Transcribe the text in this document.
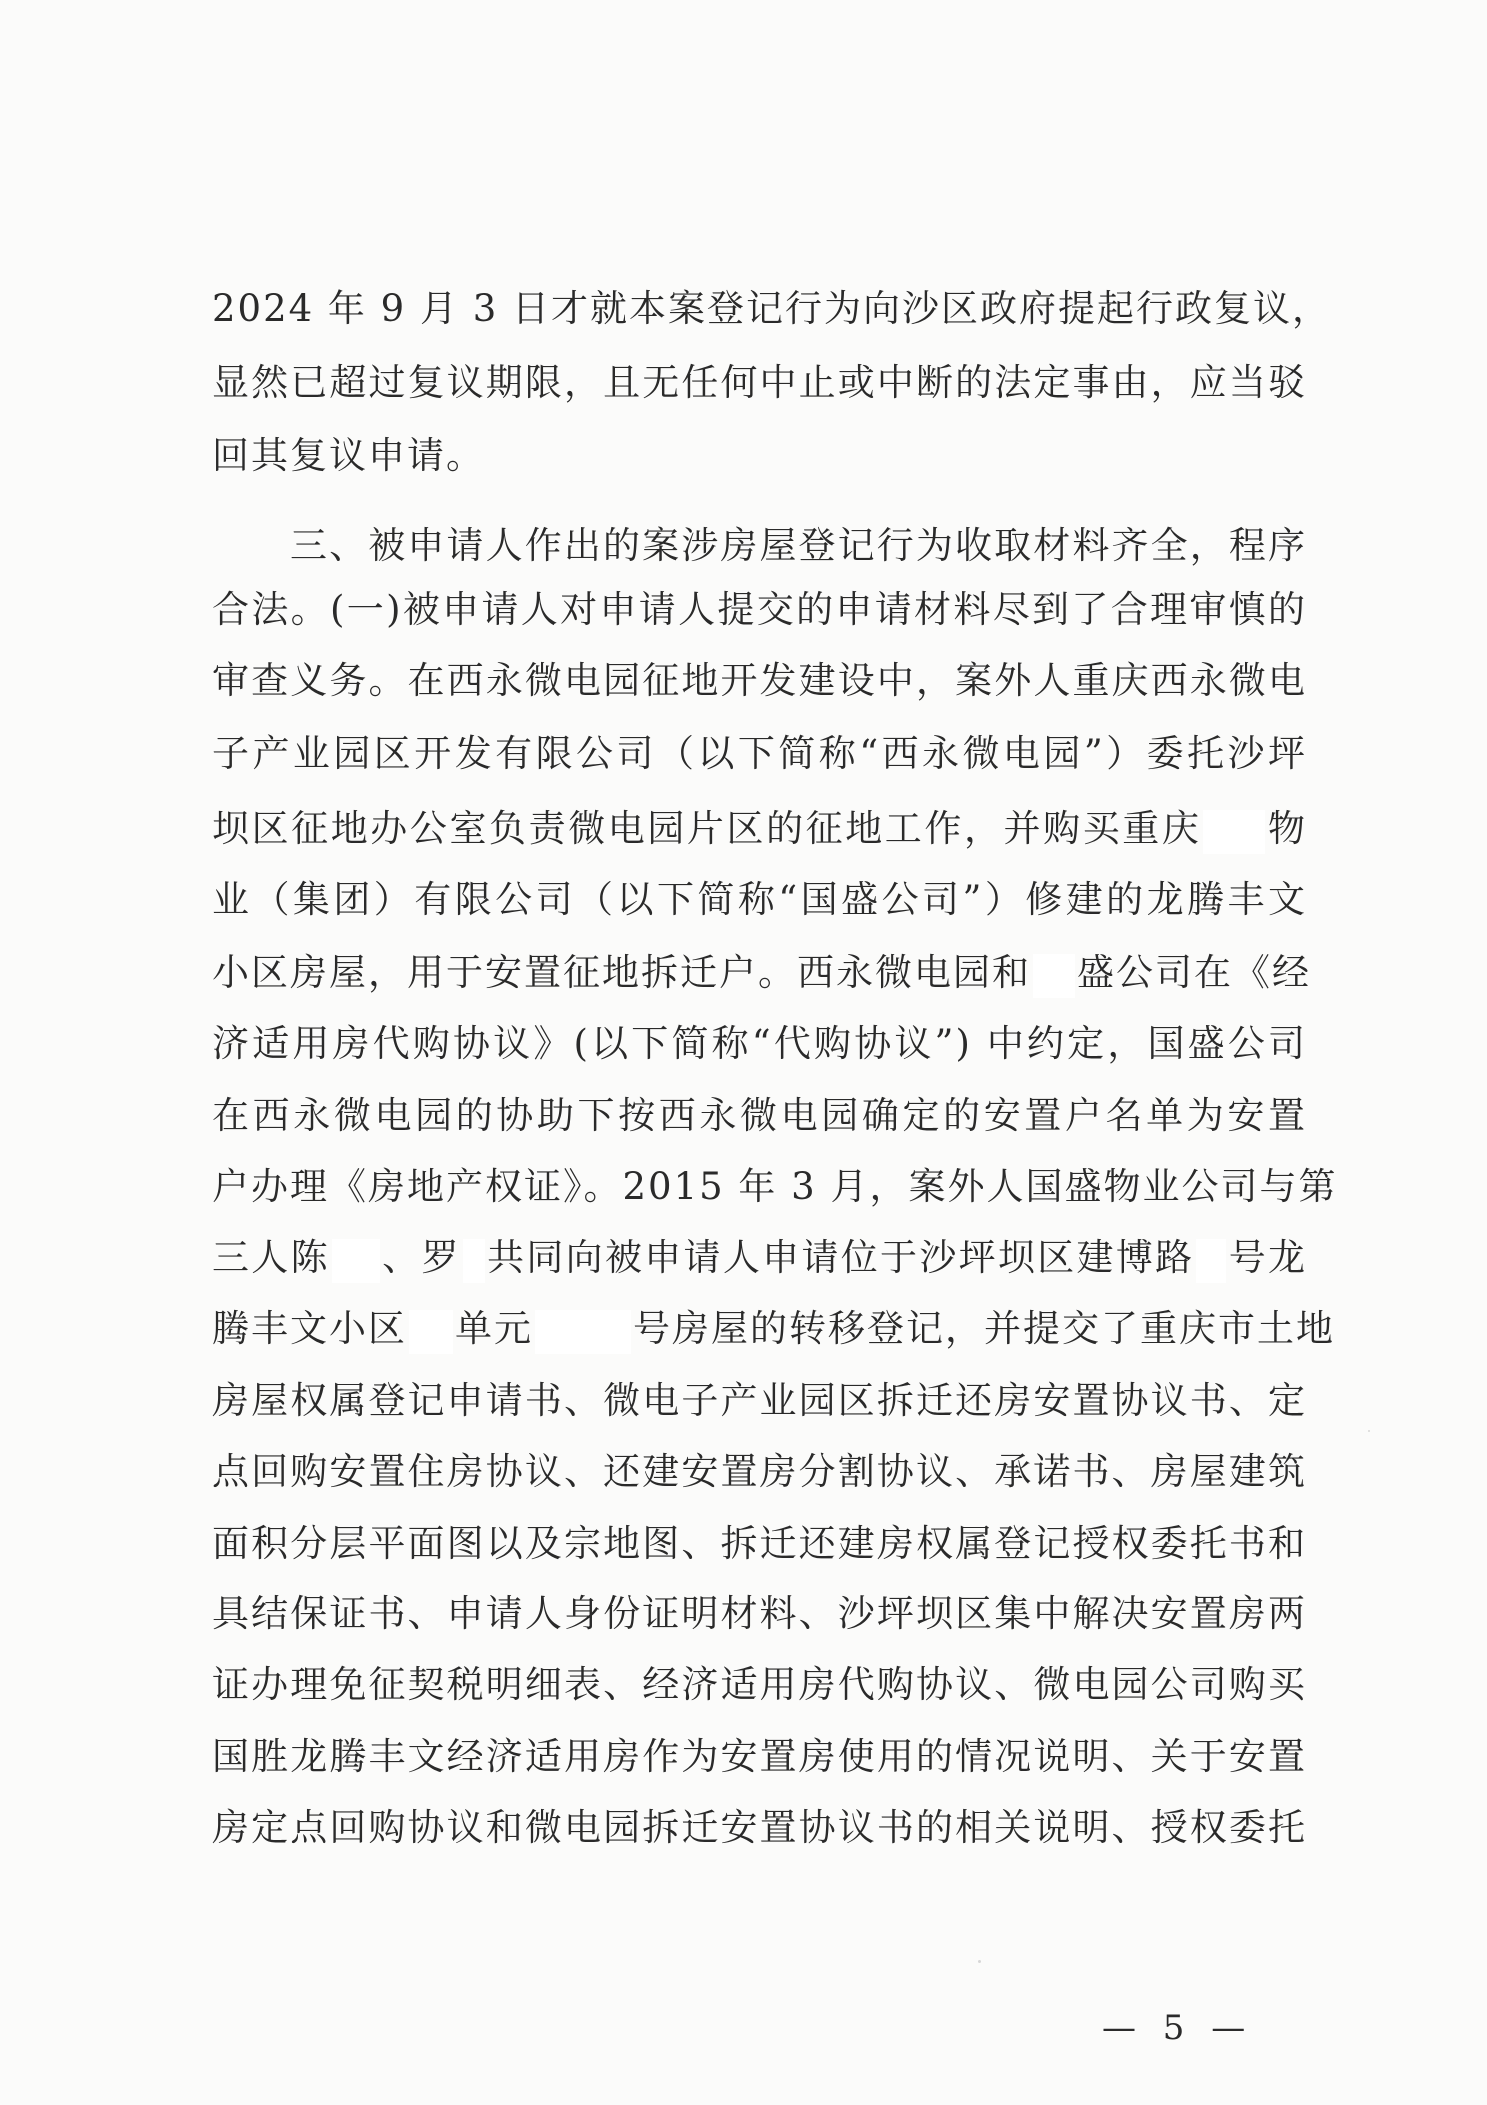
2024 年 9 月 3 日才就本案登记行为向沙区政府提起行政复议，
显然已超过复议期限，且无任何中止或中断的法定事由，应当驳
回其复议申请。
三、被申请人作出的案涉房屋登记行为收取材料齐全，程序
合法。(一)被申请人对申请人提交的申请材料尽到了合理审慎的
审查义务。在西永微电园征地开发建设中，案外人重庆西永微电
子产业园区开发有限公司（以下简称“西永微电园”）委托沙坪
坝区征地办公室负责微电园片区的征地工作，并购买重庆 物
业（集团）有限公司（以下简称“国盛公司”）修建的龙腾丰文
小区房屋，用于安置征地拆迁户。西永微电园和 盛公司在《经
济适用房代购协议》(以下简称“代购协议”) 中约定，国盛公司
在西永微电园的协助下按西永微电园确定的安置户名单为安置
户办理《房地产权证》。2015 年 3 月，案外人国盛物业公司与第
三人陈 、罗 共同向被申请人申请位于沙坪坝区建博路 号龙
腾丰文小区 单元	号房屋的转移登记，并提交了重庆市土地
房屋权属登记申请书、微电子产业园区拆迁还房安置协议书、定
点回购安置住房协议、还建安置房分割协议、承诺书、房屋建筑
面积分层平面图以及宗地图、拆迁还建房权属登记授权委托书和
具结保证书、申请人身份证明材料、沙坪坝区集中解决安置房两
证办理免征契税明细表、经济适用房代购协议、微电园公司购买
国胜龙腾丰文经济适用房作为安置房使用的情况说明、关于安置
房定点回购协议和微电园拆迁安置协议书的相关说明、授权委托
— 5 —
